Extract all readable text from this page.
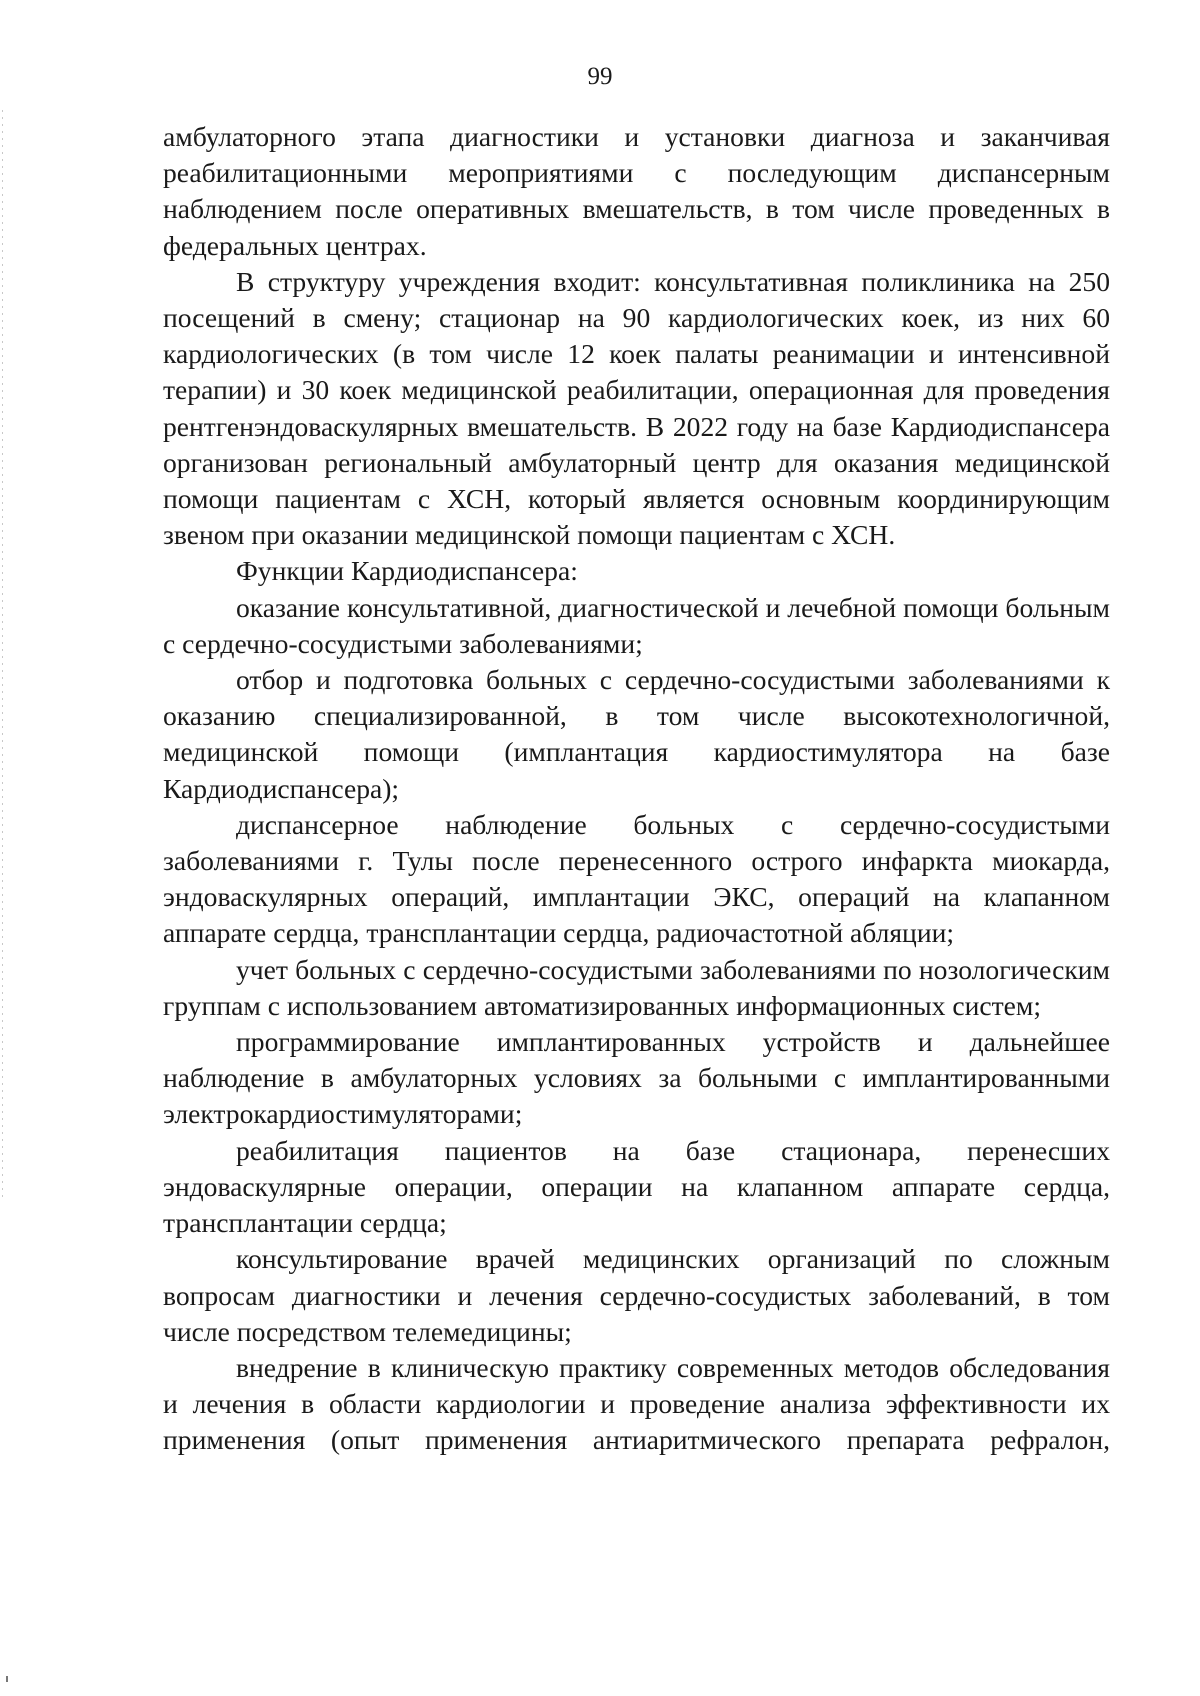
99

амбулаторного этапа диагностики и установки диагноза и заканчивая реабилитационными мероприятиями с последующим диспансерным наблюдением после оперативных вмешательств, в том числе проведенных в федеральных центрах.

В структуру учреждения входит: консультативная поликлиника на 250 посещений в смену; стационар на 90 кардиологических коек, из них 60 кардиологических (в том числе 12 коек палаты реанимации и интенсивной терапии) и 30 коек медицинской реабилитации, операционная для проведения рентгенэндоваскулярных вмешательств. В 2022 году на базе Кардиодиспансера организован региональный амбулаторный центр для оказания медицинской помощи пациентам с ХСН, который является основным координирующим звеном при оказании медицинской помощи пациентам с ХСН.

Функции Кардиодиспансера:

оказание консультативной, диагностической и лечебной помощи больным с сердечно-сосудистыми заболеваниями;

отбор и подготовка больных с сердечно-сосудистыми заболеваниями к оказанию специализированной, в том числе высокотехнологичной, медицинской помощи (имплантация кардиостимулятора на базе Кардиодиспансера);

диспансерное наблюдение больных с сердечно-сосудистыми заболеваниями г. Тулы после перенесенного острого инфаркта миокарда, эндоваскулярных операций, имплантации ЭКС, операций на клапанном аппарате сердца, трансплантации сердца, радиочастотной абляции;

учет больных с сердечно-сосудистыми заболеваниями по нозологическим группам с использованием автоматизированных информационных систем;

программирование имплантированных устройств и дальнейшее наблюдение в амбулаторных условиях за больными с имплантированными электрокардиостимуляторами;

реабилитация пациентов на базе стационара, перенесших эндоваскулярные операции, операции на клапанном аппарате сердца, трансплантации сердца;

консультирование врачей медицинских организаций по сложным вопросам диагностики и лечения сердечно-сосудистых заболеваний, в том числе посредством телемедицины;

внедрение в клиническую практику современных методов обследования и лечения в области кардиологии и проведение анализа эффективности их применения (опыт применения антиаритмического препарата рефралон,
